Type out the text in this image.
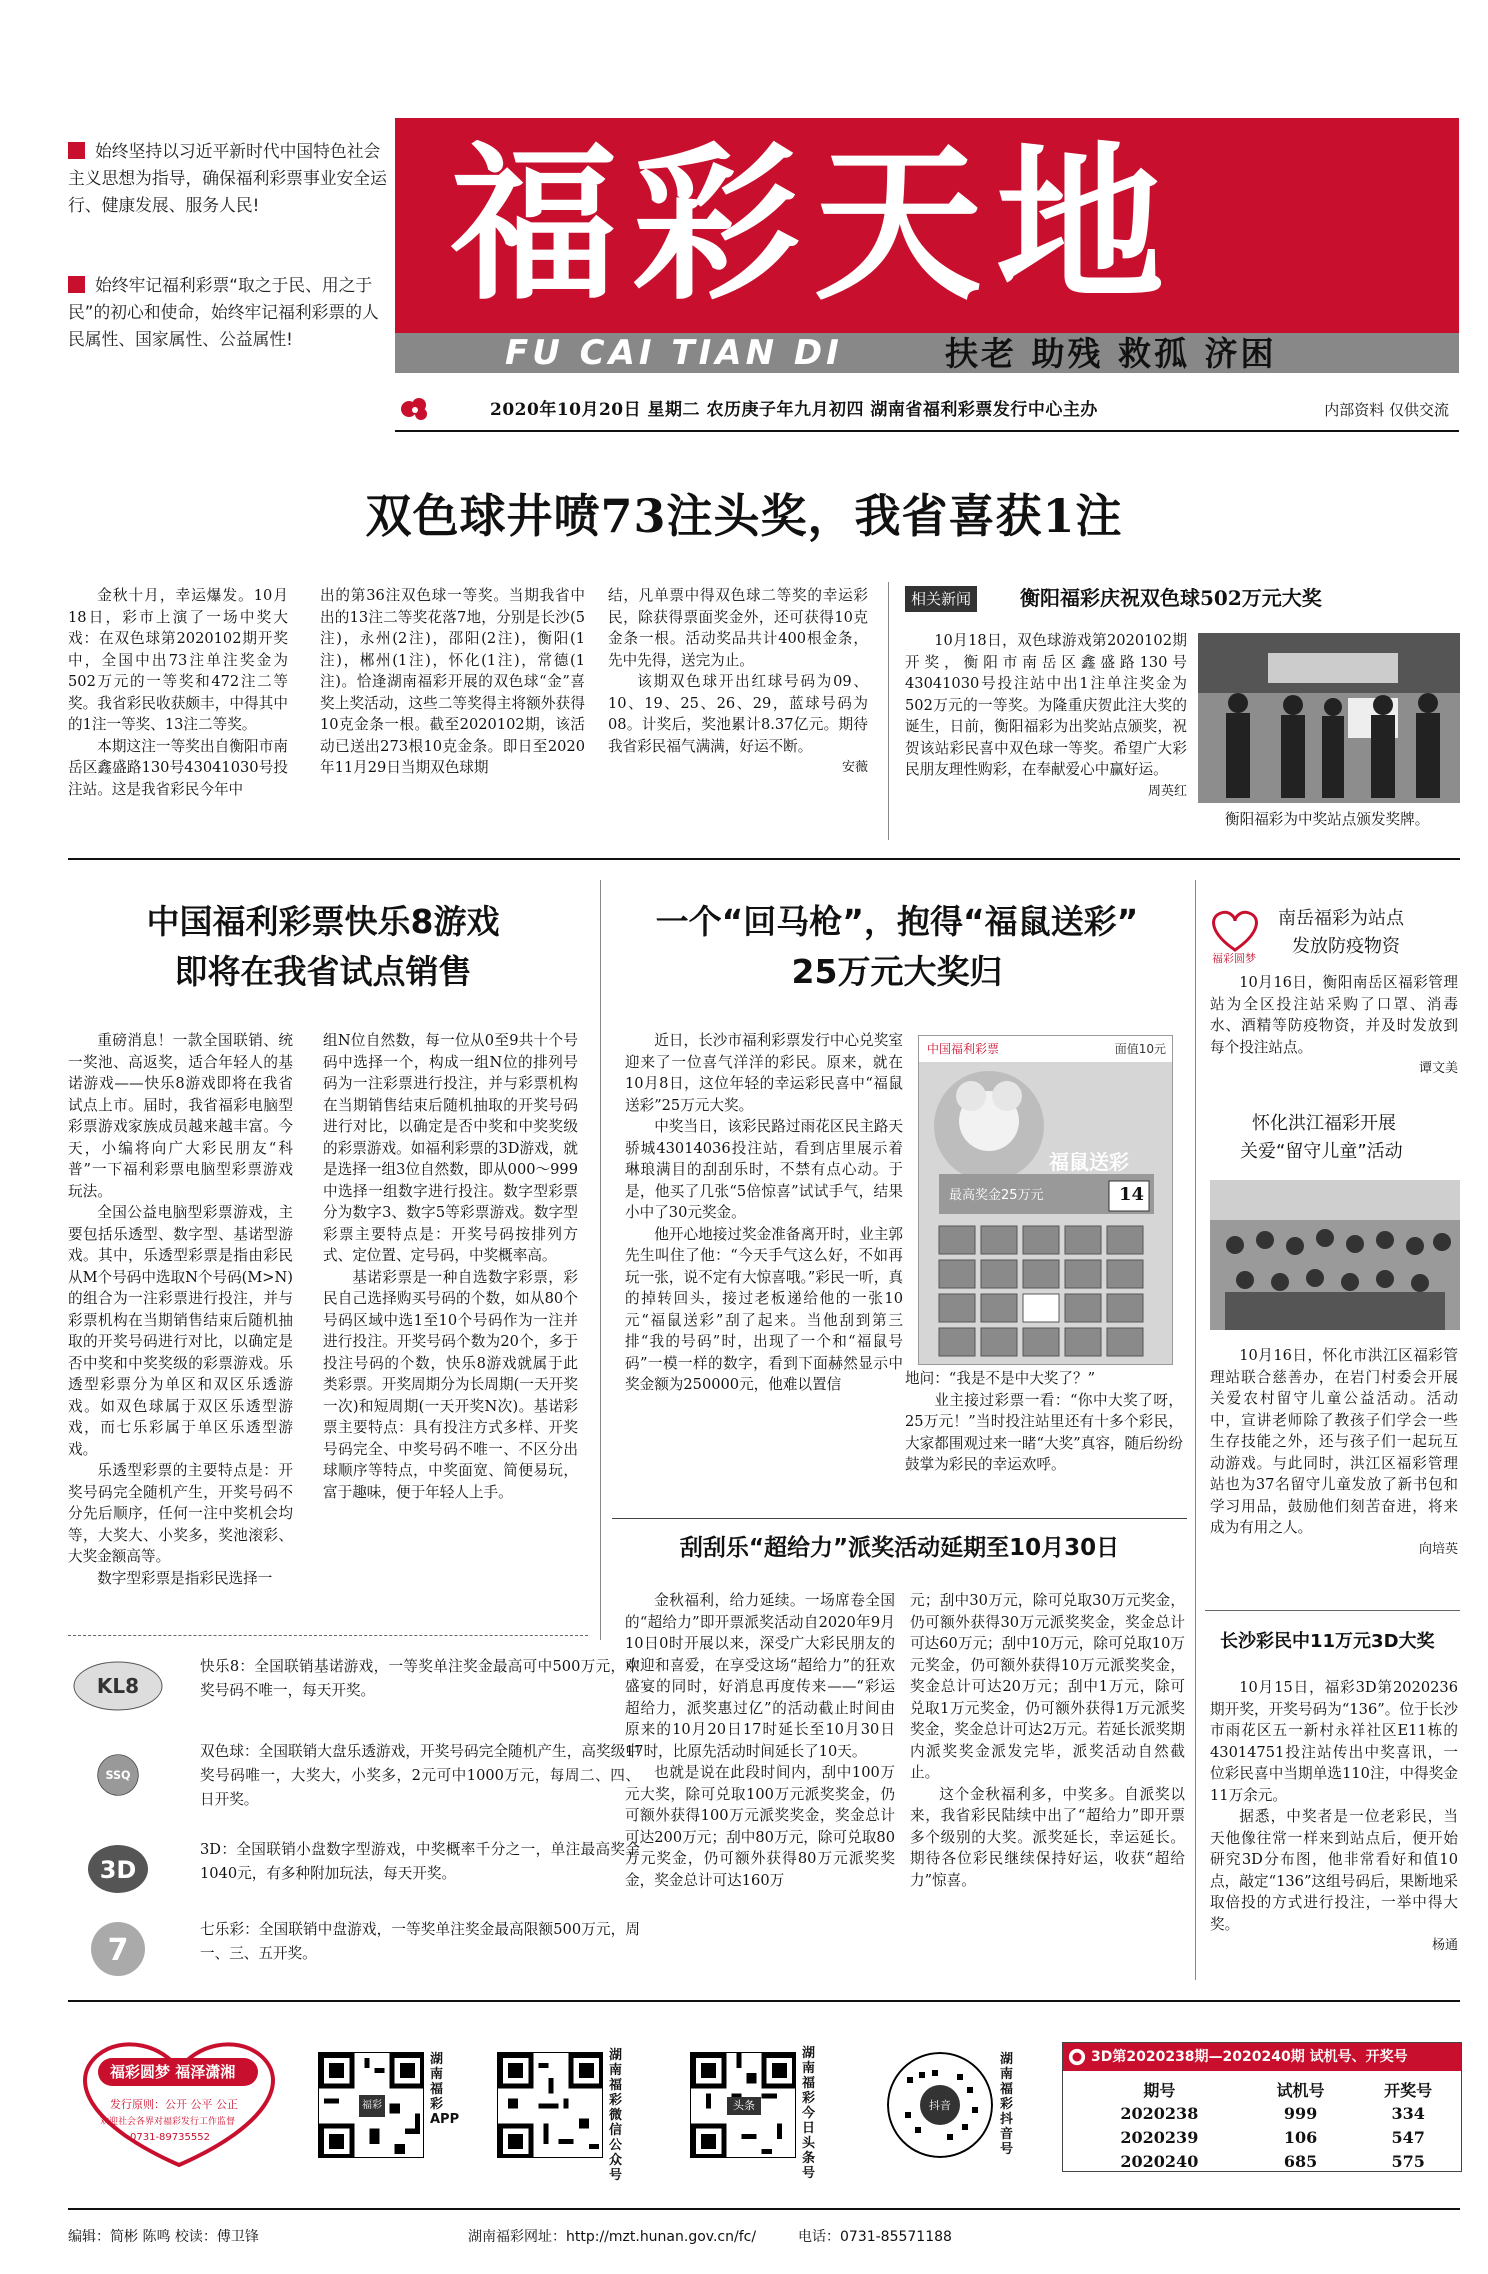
始终坚持以习近平新时代中国特色社会主义思想为指导，确保福利彩票事业安全运行、健康发展、服务人民!
始终牢记福利彩票“取之于民、用之于民”的初心和使命，始终牢记福利彩票的人民属性、国家属性、公益属性!
福彩天地
FU CAI TIAN DI	扶老 助残 救孤 济困
2020年10月20日 星期二 农历庚子年九月初四 湖南省福利彩票发行中心主办	内部资料 仅供交流
双色球井喷73注头奖，我省喜获1注

金秋十月，幸运爆发。10月18日，彩市上演了一场中奖大戏：在双色球第2020102期开奖中，全国中出73注单注奖金为502万元的一等奖和472注二等奖。我省彩民收获颇丰，中得其中的1注一等奖、13注二等奖。

本期这注一等奖出自衡阳市南岳区鑫盛路130号43041030号投注站。这是我省彩民今年中

出的第36注双色球一等奖。当期我省中出的13注二等奖花落7地，分别是长沙(5注)，永州(2注)，邵阳(2注)，衡阳(1注)，郴州(1注)，怀化(1注)，常德(1注)。恰逢湖南福彩开展的双色球“金”喜奖上奖活动，这些二等奖得主将额外获得10克金条一根。截至2020102期，该活动已送出273根10克金条。即日至2020年11月29日当期双色球期

结，凡单票中得双色球二等奖的幸运彩民，除获得票面奖金外，还可获得10克金条一根。活动奖品共计400根金条，先中先得，送完为止。

该期双色球开出红球号码为09、10、19、25、26、29，蓝球号码为08。计奖后，奖池累计8.37亿元。期待我省彩民福气满满，好运不断。

安薇
相关新闻	衡阳福彩庆祝双色球502万元大奖

10月18日，双色球游戏第2020102期开奖，衡阳市南岳区鑫盛路130号43041030号投注站中出1注单注奖金为502万元的一等奖。为隆重庆贺此注大奖的诞生，日前，衡阳福彩为出奖站点颁奖，祝贺该站彩民喜中双色球一等奖。希望广大彩民朋友理性购彩，在奉献爱心中赢好运。

周英红
衡阳福彩为中奖站点颁发奖牌。
中国福利彩票快乐8游戏
即将在我省试点销售

重磅消息！一款全国联销、统一奖池、高返奖，适合年轻人的基诺游戏——快乐8游戏即将在我省试点上市。届时，我省福彩电脑型彩票游戏家族成员越来越丰富。今天，小编将向广大彩民朋友“科普”一下福利彩票电脑型彩票游戏玩法。

全国公益电脑型彩票游戏，主要包括乐透型、数字型、基诺型游戏。其中，乐透型彩票是指由彩民从M个号码中选取N个号码(M>N)的组合为一注彩票进行投注，并与彩票机构在当期销售结束后随机抽取的开奖号码进行对比，以确定是否中奖和中奖奖级的彩票游戏。乐透型彩票分为单区和双区乐透游戏。如双色球属于双区乐透型游戏，而七乐彩属于单区乐透型游戏。

乐透型彩票的主要特点是：开奖号码完全随机产生，开奖号码不分先后顺序，任何一注中奖机会均等，大奖大、小奖多，奖池滚彩、大奖金额高等。

数字型彩票是指彩民选择一

组N位自然数，每一位从0至9共十个号码中选择一个，构成一组N位的排列号码为一注彩票进行投注，并与彩票机构在当期销售结束后随机抽取的开奖号码进行对比，以确定是否中奖和中奖奖级的彩票游戏。如福利彩票的3D游戏，就是选择一组3位自然数，即从000～999中选择一组数字进行投注。数字型彩票分为数字3、数字5等彩票游戏。数字型彩票主要特点是：开奖号码按排列方式、定位置、定号码，中奖概率高。

基诺彩票是一种自选数字彩票，彩民自己选择购买号码的个数，如从80个号码区域中选1至10个号码作为一注并进行投注。开奖号码个数为20个，多于投注号码的个数，快乐8游戏就属于此类彩票。开奖周期分为长周期(一天开奖一次)和短周期(一天开奖N次)。基诺彩票主要特点：具有投注方式多样、开奖号码完全、中奖号码不唯一、不区分出球顺序等特点，中奖面宽、简便易玩，富于趣味，便于年轻人上手。

KL8
快乐8：全国联销基诺游戏，一等奖单注奖金最高可中500万元，中奖号码不唯一，每天开奖。
SSQ
双色球：全国联销大盘乐透游戏，开奖号码完全随机产生，高奖级中奖号码唯一，大奖大，小奖多，2元可中1000万元，每周二、四、日开奖。
3D
3D：全国联销小盘数字型游戏，中奖概率千分之一，单注最高奖金1040元，有多种附加玩法，每天开奖。
7
七乐彩：全国联销中盘游戏，一等奖单注奖金最高限额500万元，周一、三、五开奖。
一个“回马枪”，抱得“福鼠送彩”
25万元大奖归

近日，长沙市福利彩票发行中心兑奖室迎来了一位喜气洋洋的彩民。原来，就在10月8日，这位年轻的幸运彩民喜中“福鼠送彩”25万元大奖。

中奖当日，该彩民路过雨花区民主路天骄城43014036投注站，看到店里展示着琳琅满目的刮刮乐时，不禁有点心动。于是，他买了几张“5倍惊喜”试试手气，结果小中了30元奖金。

他开心地接过奖金准备离开时，业主郭先生叫住了他：“今天手气这么好，不如再玩一张，说不定有大惊喜哦。”彩民一听，真的掉转回头，接过老板递给他的一张10元“福鼠送彩”刮了起来。当他刮到第三排“我的号码”时，出现了一个和“福鼠号码”一模一样的数字，看到下面赫然显示中奖金额为250000元，他难以置信

中国福利彩票	面值10元
福鼠送彩
最高奖金25万元	14

地问：“我是不是中大奖了？”

业主接过彩票一看：“你中大奖了呀，25万元！”当时投注站里还有十多个彩民，大家都围观过来一睹“大奖”真容，随后纷纷鼓掌为彩民的幸运欢呼。

刮刮乐“超给力”派奖活动延期至10月30日

金秋福利，给力延续。一场席卷全国的“超给力”即开票派奖活动自2020年9月10日0时开展以来，深受广大彩民朋友的欢迎和喜爱，在享受这场“超给力”的狂欢盛宴的同时，好消息再度传来——“彩运超给力，派奖惠过亿”的活动截止时间由原来的10月20日17时延长至10月30日17时，比原先活动时间延长了10天。

也就是说在此段时间内，刮中100万元大奖，除可兑取100万元派奖奖金，仍可额外获得100万元派奖奖金，奖金总计可达200万元；刮中80万元，除可兑取80万元奖金，仍可额外获得80万元派奖奖金，奖金总计可达160万

元；刮中30万元，除可兑取30万元奖金，仍可额外获得30万元派奖奖金，奖金总计可达60万元；刮中10万元，除可兑取10万元奖金，仍可额外获得10万元派奖奖金，奖金总计可达20万元；刮中1万元，除可兑取1万元奖金，仍可额外获得1万元派奖奖金，奖金总计可达2万元。若延长派奖期内派奖奖金派发完毕，派奖活动自然截止。

这个金秋福利多，中奖多。自派奖以来，我省彩民陆续中出了“超给力”即开票多个级别的大奖。派奖延长，幸运延长。期待各位彩民继续保持好运，收获“超给力”惊喜。

福彩圆梦
南岳福彩为站点
发放防疫物资

10月16日，衡阳南岳区福彩管理站为全区投注站采购了口罩、消毒水、酒精等防疫物资，并及时发放到每个投注站点。

谭文美
怀化洪江福彩开展
关爱“留守儿童”活动

10月16日，怀化市洪江区福彩管理站联合慈善办，在岩门村委会开展关爱农村留守儿童公益活动。活动中，宣讲老师除了教孩子们学会一些生存技能之外，还与孩子们一起玩互动游戏。与此同时，洪江区福彩管理站也为37名留守儿童发放了新书包和学习用品，鼓励他们刻苦奋进，将来成为有用之人。

向培英
长沙彩民中11万元3D大奖

10月15日，福彩3D第2020236期开奖，开奖号码为“136”。位于长沙市雨花区五一新村永祥社区E11栋的43014751投注站传出中奖喜讯，一位彩民喜中当期单选110注，中得奖金11万余元。

据悉，中奖者是一位老彩民，当天他像往常一样来到站点后，便开始研究3D分布图，他非常看好和值10点，敲定“136”这组号码后，果断地采取倍投的方式进行投注，一举中得大奖。

杨通
福彩圆梦 福泽潇湘
发行原则：公开 公平 公正
欢迎社会各界对福彩发行工作监督
0731-89735552
福彩
湖南福彩APP
湖南福彩微信公众号
头条
湖南福彩今日头条号
抖音
湖南福彩抖音号
3D第2020238期—2020240期 试机号、开奖号
期号	试机号	开奖号
2020238	999	334
2020239	106	547
2020240	685	575
编辑：简彬 陈鸣 校读：傅卫锋	湖南福彩网址：http://mzt.hunan.gov.cn/fc/	电话：0731-85571188
